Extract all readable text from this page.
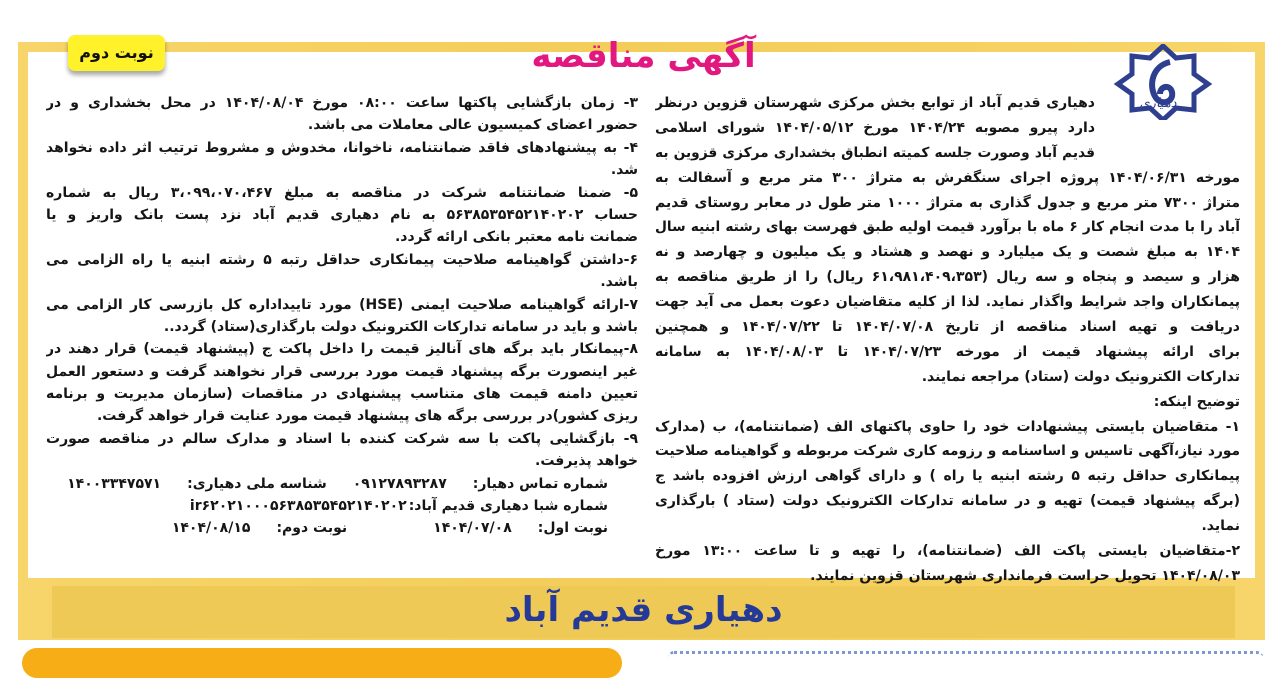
آگهی مناقصه
نوبت دوم
دهیاری
دهیاری قدیم آباد از توابع بخش مرکزی شهرستان قزوین درنظر
دارد پیرو مصوبه ۱۴۰۴/۲۴ مورخ ۱۴۰۴/۰۵/۱۲ شورای اسلامی
قدیم آباد وصورت جلسه کمیته انطباق بخشداری مرکزی قزوین به
مورخه ۱۴۰۴/۰۶/۳۱ پروژه اجرای سنگفرش به متراژ ۳۰۰ متر مربع و آسفالت به
متراژ ۷۳۰۰ متر مربع و جدول گذاری به متراژ ۱۰۰۰ متر طول در معابر روستای قدیم
آباد را با مدت انجام کار ۶ ماه با برآورد قیمت اولیه طبق فهرست بهای رشته ابنیه سال
۱۴۰۴ به مبلغ شصت و یک میلیارد و نهصد و هشتاد و یک میلیون و چهارصد و نه
هزار و سیصد و پنجاه و سه ریال (۶۱،۹۸۱،۴۰۹،۳۵۳ ریال) را از طریق مناقصه به
پیمانکاران واجد شرایط واگذار نماید. لذا از کلیه متقاضیان دعوت بعمل می آید جهت
دریافت و تهیه اسناد مناقصه از تاریخ ۱۴۰۴/۰۷/۰۸ تا ۱۴۰۴/۰۷/۲۲ و همچنین
برای ارائه پیشنهاد قیمت از مورخه ۱۴۰۴/۰۷/۲۳ تا ۱۴۰۴/۰۸/۰۳ به سامانه
تدارکات الکترونیک دولت (ستاد) مراجعه نمایند.
توضیح اینکه:
۱- متقاضیان بایستی پیشنهادات خود را حاوی پاکتهای الف (ضمانتنامه)، ب (مدارک
مورد نیاز،آگهی تاسیس و اساسنامه و رزومه کاری شرکت مربوطه و گواهینامه صلاحیت
پیمانکاری حداقل رتبه ۵ رشته ابنیه یا راه ) و دارای گواهی ارزش افزوده باشد ج
(برگه پیشنهاد قیمت) تهیه و در سامانه تدارکات الکترونیک دولت (ستاد ) بارگذاری
نماید.
۲-متقاضیان بایستی پاکت الف (ضمانتنامه)، را تهیه و تا ساعت ۱۳:۰۰ مورخ
۱۴۰۴/۰۸/۰۳ تحویل حراست فرمانداری شهرستان قزوین نمایند.
۳- زمان بازگشایی پاکتها ساعت ۰۸:۰۰ مورخ ۱۴۰۴/۰۸/۰۴ در محل بخشداری و در
حضور اعضای کمیسیون عالی معاملات می باشد.
۴- به پیشنهادهای فاقد ضمانتنامه، ناخوانا، مخدوش و مشروط ترتیب اثر داده نخواهد
شد.
۵- ضمنا ضمانتنامه شرکت در مناقصه به مبلغ ۳،۰۹۹،۰۷۰،۴۶۷ ریال به شماره
حساب ۵۶۳۸۵۳۵۴۵۲۱۴۰۲۰۲ به نام دهیاری قدیم آباد نزد پست بانک واریز و یا
ضمانت نامه معتبر بانکی ارائه گردد.
۶-داشتن گواهینامه صلاحیت پیمانکاری حداقل رتبه ۵ رشته ابنیه یا راه الزامی می
باشد.
۷-ارائه گواهینامه صلاحیت ایمنی (HSE) مورد تاییداداره کل بازرسی کار الزامی می
باشد و باید در سامانه تدارکات الکترونیک دولت بارگذاری(ستاد) گردد..
۸-پیمانکار باید برگه های آنالیز قیمت را داخل پاکت ج (پیشنهاد قیمت) قرار دهند در
غیر اینصورت برگه پیشنهاد قیمت مورد بررسی قرار نخواهند گرفت و دستعور العمل
تعیین دامنه قیمت های متناسب پیشنهادی در مناقصات (سازمان مدیریت و برنامه
ریزی کشور)در بررسی برگه های پیشنهاد قیمت مورد عنایت قرار خواهد گرفت.
۹- بازگشایی پاکت با سه شرکت کننده با اسناد و مدارک سالم در مناقصه صورت
خواهد پذیرفت.
شماره تماس دهیار:
۰۹۱۲۷۸۹۳۲۸۷
شناسه ملی دهیاری:
۱۴۰۰۳۳۴۷۵۷۱
شماره شبا دهیاری قدیم آباد:
ir۶۲۰۲۱۰۰۰۵۶۳۸۵۳۵۴۵۲۱۴۰۲۰۲
نوبت اول:
۱۴۰۴/۰۷/۰۸
نوبت دوم:
۱۴۰۴/۰۸/۱۵
دهیاری قدیم آباد
